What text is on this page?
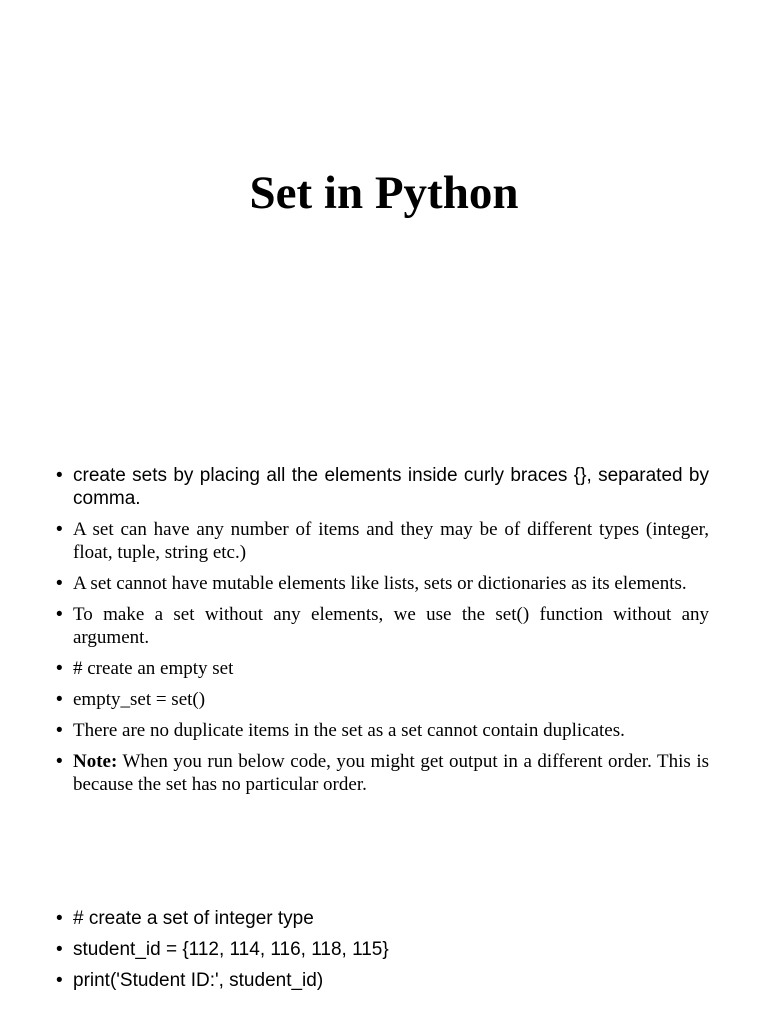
Set in Python
• create sets by placing all the elements inside curly braces {}, separated by comma.
• A set can have any number of items and they may be of different types (integer, float, tuple, string etc.)
• A set cannot have mutable elements like lists, sets or dictionaries as its elements.
• To make a set without any elements, we use the set() function without any argument.
• # create an empty set
• empty_set = set()
• There are no duplicate items in the set as a set cannot contain duplicates.
• Note: When you run below code, you might get output in a different order. This is because the set has no particular order.
• # create a set of integer type
• student_id = {112, 114, 116, 118, 115}
• print('Student ID:', student_id)
